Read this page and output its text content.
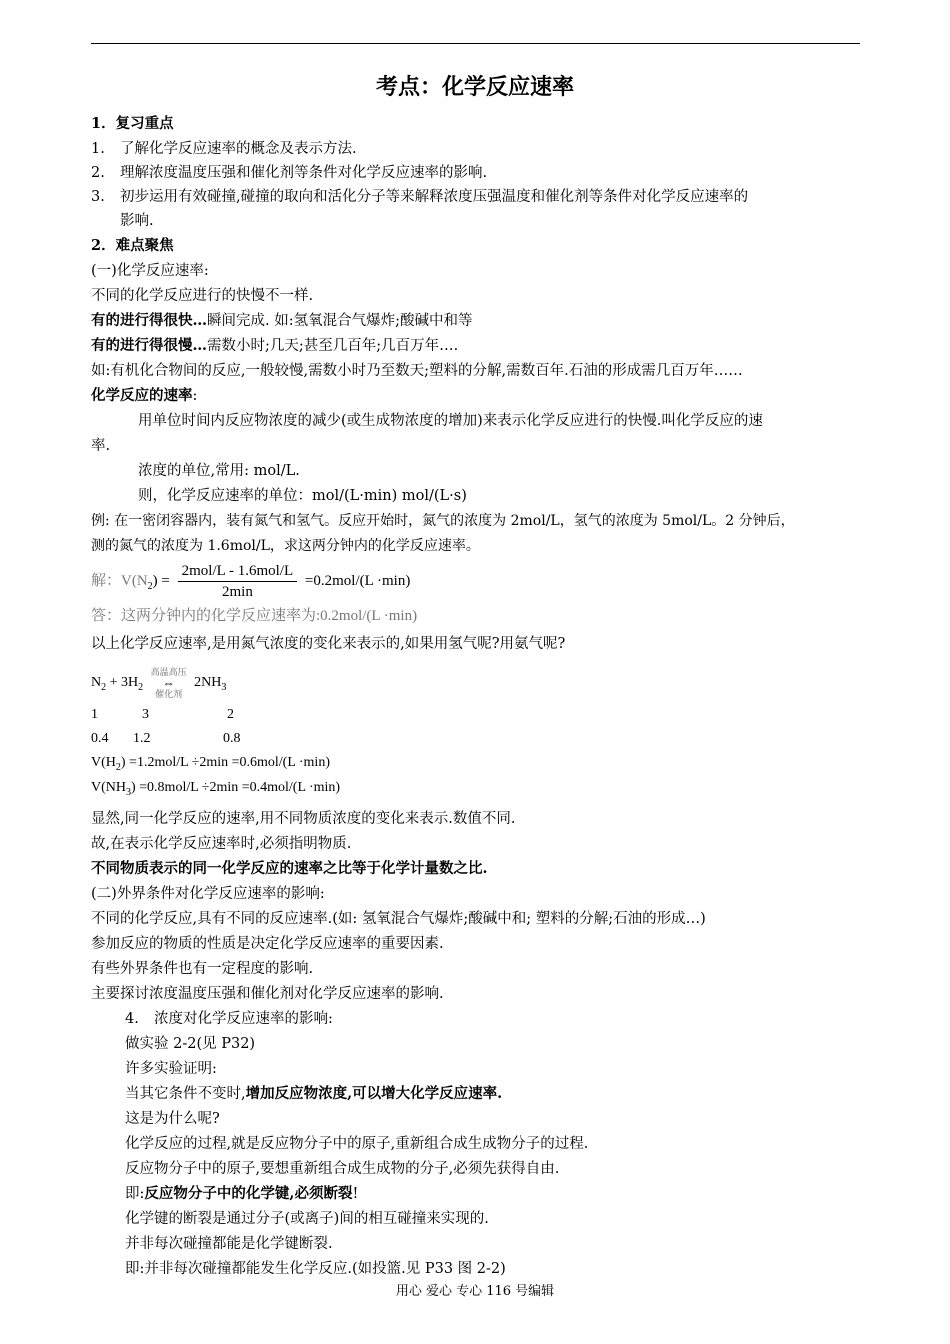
考点：化学反应速率
1．复习重点
1. 了解化学反应速率的概念及表示方法.
2. 理解浓度温度压强和催化剂等条件对化学反应速率的影响.
3. 初步运用有效碰撞,碰撞的取向和活化分子等来解释浓度压强温度和催化剂等条件对化学反应速率的
影响.
2．难点聚焦
(一)化学反应速率:
不同的化学反应进行的快慢不一样.
有的进行得很快…瞬间完成. 如:氢氧混合气爆炸;酸碱中和等
有的进行得很慢…需数小时;几天;甚至几百年;几百万年….
如:有机化合物间的反应,一般较慢,需数小时乃至数天;塑料的分解,需数百年.石油的形成需几百万年……
化学反应的速率:
用单位时间内反应物浓度的减少(或生成物浓度的增加)来表示化学反应进行的快慢.叫化学反应的速
率.
浓度的单位,常用: mol/L.
则，化学反应速率的单位：mol/(L·min) mol/(L·s)
例: 在一密闭容器内，装有氮气和氢气。反应开始时，氮气的浓度为 2mol/L，氢气的浓度为 5mol/L。2 分钟后，
测的氮气的浓度为 1.6mol/L，求这两分钟内的化学反应速率。
解：$V(N_2) = \frac{\text{2mol/L - 1.6mol/L}}{2\min} =0.2mol/(L \cdot\min)$
答：这两分钟内的化学反应速率为:0.2mol/(L ·min)
以上化学反应速率,是用氮气浓度的变化来表示的,如果用氢气呢?用氨气呢?
$N_2 + 3H_2$
高温高压
⇔
催化剂
$2NH_3$
1	3	2
0.4 1.2	0.8
$V(H_2) =1.2mol/L \div 2\min =0.6mol/(L \cdot\min)$
$V(NH_3) =0.8mol/L \div 2\min =0.4mol/(L \cdot\min)$
显然,同一化学反应的速率,用不同物质浓度的变化来表示.数值不同.
故,在表示化学反应速率时,必须指明物质.
不同物质表示的同一化学反应的速率之比等于化学计量数之比.
(二)外界条件对化学反应速率的影响:
不同的化学反应,具有不同的反应速率.(如: 氢氧混合气爆炸;酸碱中和; 塑料的分解;石油的形成…)
参加反应的物质的性质是决定化学反应速率的重要因素.
有些外界条件也有一定程度的影响.
主要探讨浓度温度压强和催化剂对化学反应速率的影响.
4. 浓度对化学反应速率的影响:
做实验 2-2(见 P32)
许多实验证明:
当其它条件不变时,增加反应物浓度,可以增大化学反应速率.
这是为什么呢?
化学反应的过程,就是反应物分子中的原子,重新组合成生成物分子的过程.
反应物分子中的原子,要想重新组合成生成物的分子,必须先获得自由.
即:反应物分子中的化学键,必须断裂!
化学键的断裂是通过分子(或离子)间的相互碰撞来实现的.
并非每次碰撞都能是化学键断裂.
即:并非每次碰撞都能发生化学反应.(如投篮.见 P33 图 2-2)
用心 爱心 专心 116 号编辑
